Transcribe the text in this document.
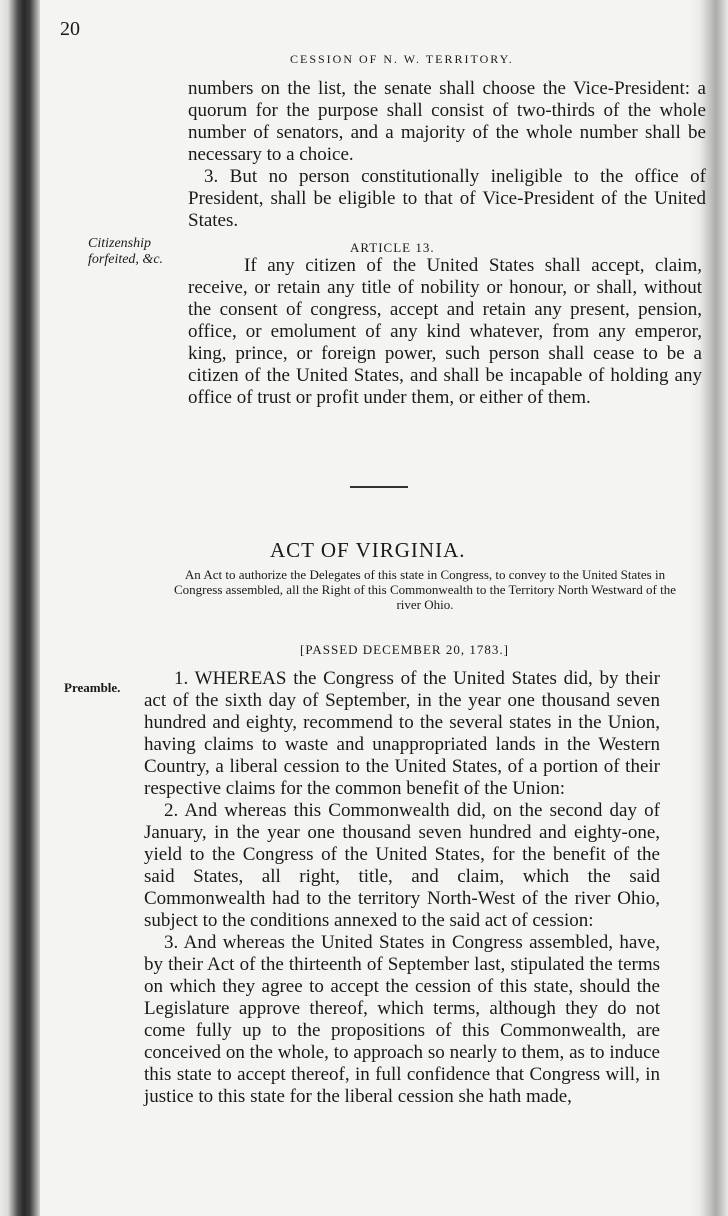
20
CESSION OF N. W. TERRITORY.

numbers on the list, the senate shall choose the Vice-President: a quorum for the purpose shall consist of two-thirds of the whole number of senators, and a majority of the whole number shall be necessary to a choice.

3. But no person constitutionally ineligible to the office of President, shall be eligible to that of Vice-President of the United States.

ARTICLE 13.
Citizenship forfeited, &c.	If any citizen of the United States shall accept, claim, receive, or retain any title of nobility or honour, or shall, without the consent of congress, accept and retain any present, pension, office, or emolument of any kind whatever, from any emperor, king, prince, or foreign power, such person shall cease to be a citizen of the United States, and shall be incapable of holding any office of trust or profit under them, or either of them.

ACT OF VIRGINIA.
An Act to authorize the Delegates of this state in Congress, to convey to the United States in Congress assembled, all the Right of this Commonwealth to the Territory North Westward of the river Ohio.
[PASSED DECEMBER 20, 1783.]
Preamble.	1. WHEREAS the Congress of the United States did, by their act of the sixth day of September, in the year one thousand seven hundred and eighty, recommend to the several states in the Union, having claims to waste and unappropriated lands in the Western Country, a liberal cession to the United States, of a portion of their respective claims for the common benefit of the Union:

2. And whereas this Commonwealth did, on the second day of January, in the year one thousand seven hundred and eighty-one, yield to the Congress of the United States, for the benefit of the said States, all right, title, and claim, which the said Commonwealth had to the territory North-West of the river Ohio, subject to the conditions annexed to the said act of cession:

3. And whereas the United States in Congress assembled, have, by their Act of the thirteenth of September last, stipulated the terms on which they agree to accept the cession of this state, should the Legislature approve thereof, which terms, although they do not come fully up to the propositions of this Commonwealth, are conceived on the whole, to approach so nearly to them, as to induce this state to accept thereof, in full confidence that Congress will, in justice to this state for the liberal cession she hath made,
